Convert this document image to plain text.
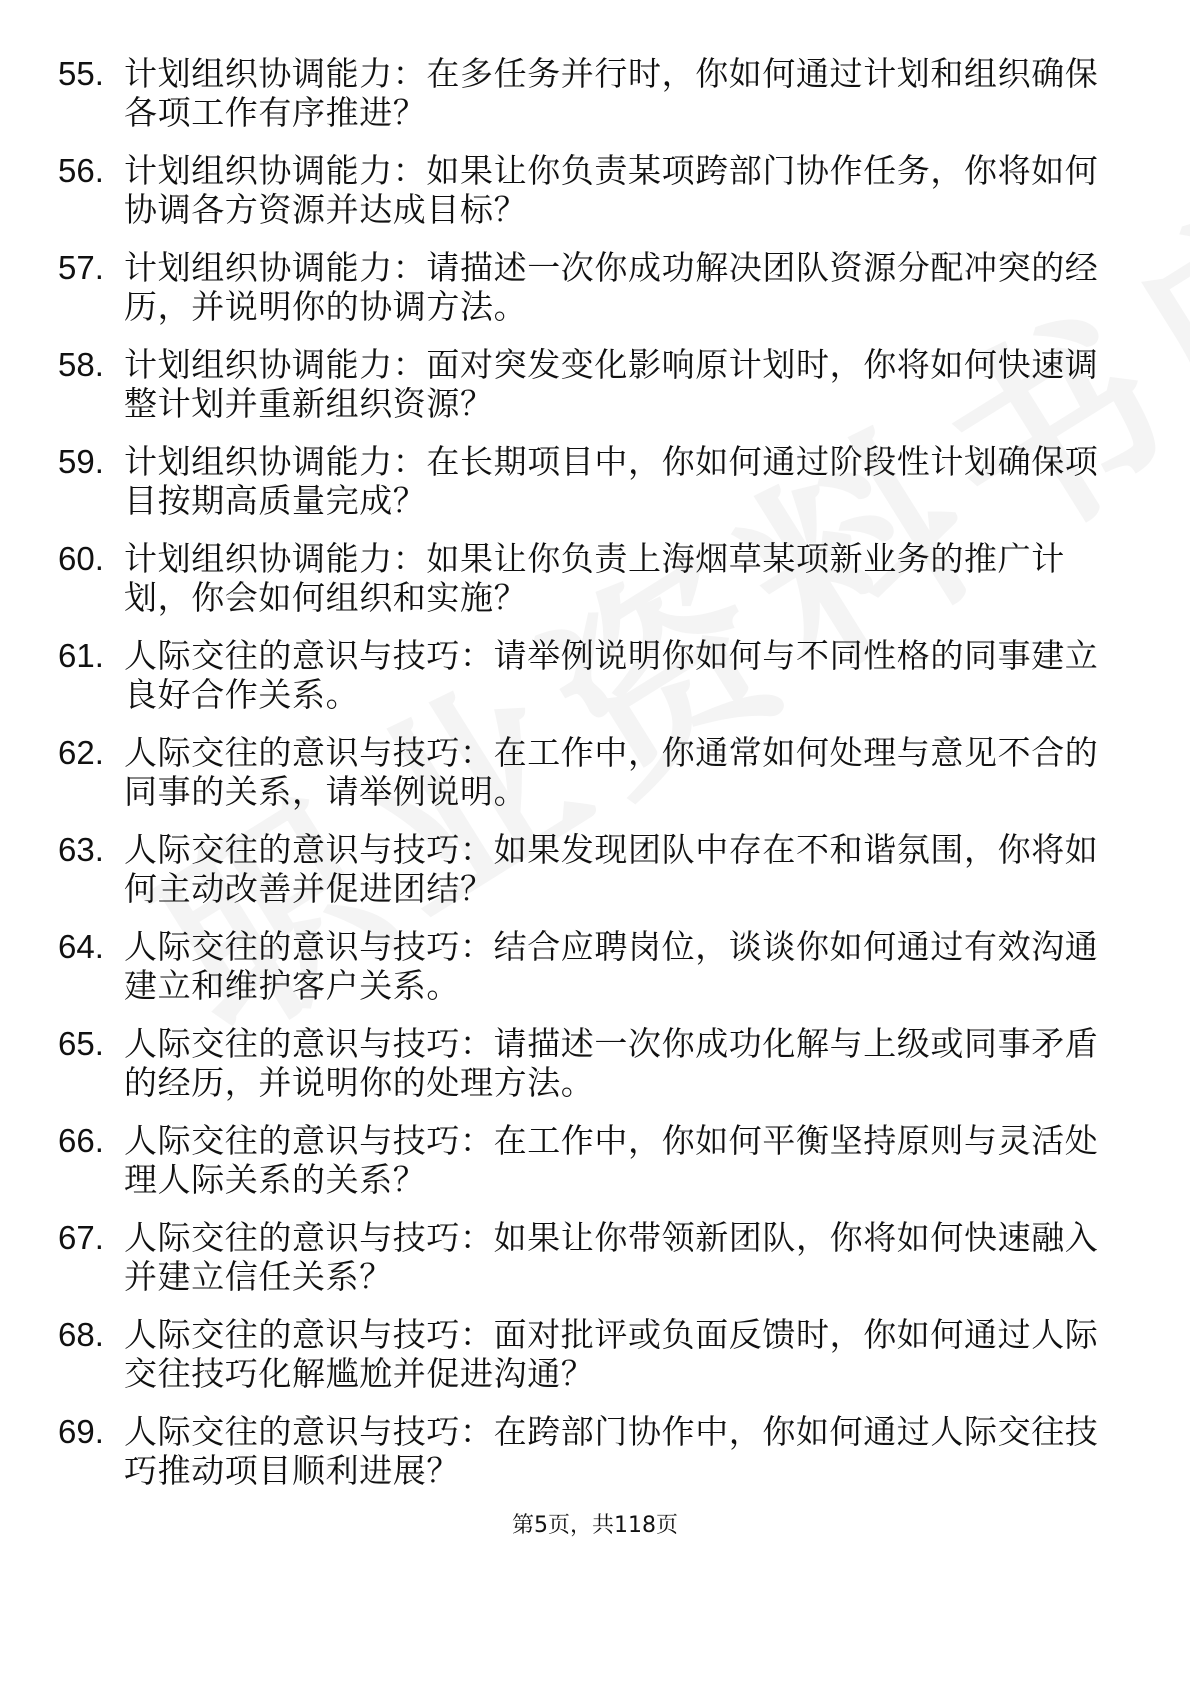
55. 计划组织协调能力：在多任务并行时，你如何通过计划和组织确保各项工作有序推进？
56. 计划组织协调能力：如果让你负责某项跨部门协作任务，你将如何协调各方资源并达成目标？
57. 计划组织协调能力：请描述一次你成功解决团队资源分配冲突的经历，并说明你的协调方法。
58. 计划组织协调能力：面对突发变化影响原计划时，你将如何快速调整计划并重新组织资源？
59. 计划组织协调能力：在长期项目中，你如何通过阶段性计划确保项目按期高质量完成？
60. 计划组织协调能力：如果让你负责上海烟草某项新业务的推广计划，你会如何组织和实施？
61. 人际交往的意识与技巧：请举例说明你如何与不同性格的同事建立良好合作关系。
62. 人际交往的意识与技巧：在工作中，你通常如何处理与意见不合的同事的关系，请举例说明。
63. 人际交往的意识与技巧：如果发现团队中存在不和谐氛围，你将如何主动改善并促进团结？
64. 人际交往的意识与技巧：结合应聘岗位，谈谈你如何通过有效沟通建立和维护客户关系。
65. 人际交往的意识与技巧：请描述一次你成功化解与上级或同事矛盾的经历，并说明你的处理方法。
66. 人际交往的意识与技巧：在工作中，你如何平衡坚持原则与灵活处理人际关系的关系？
67. 人际交往的意识与技巧：如果让你带领新团队，你将如何快速融入并建立信任关系？
68. 人际交往的意识与技巧：面对批评或负面反馈时，你如何通过人际交往技巧化解尴尬并促进沟通？
69. 人际交往的意识与技巧：在跨部门协作中，你如何通过人际交往技巧推动项目顺利进展？
第5页，共118页
